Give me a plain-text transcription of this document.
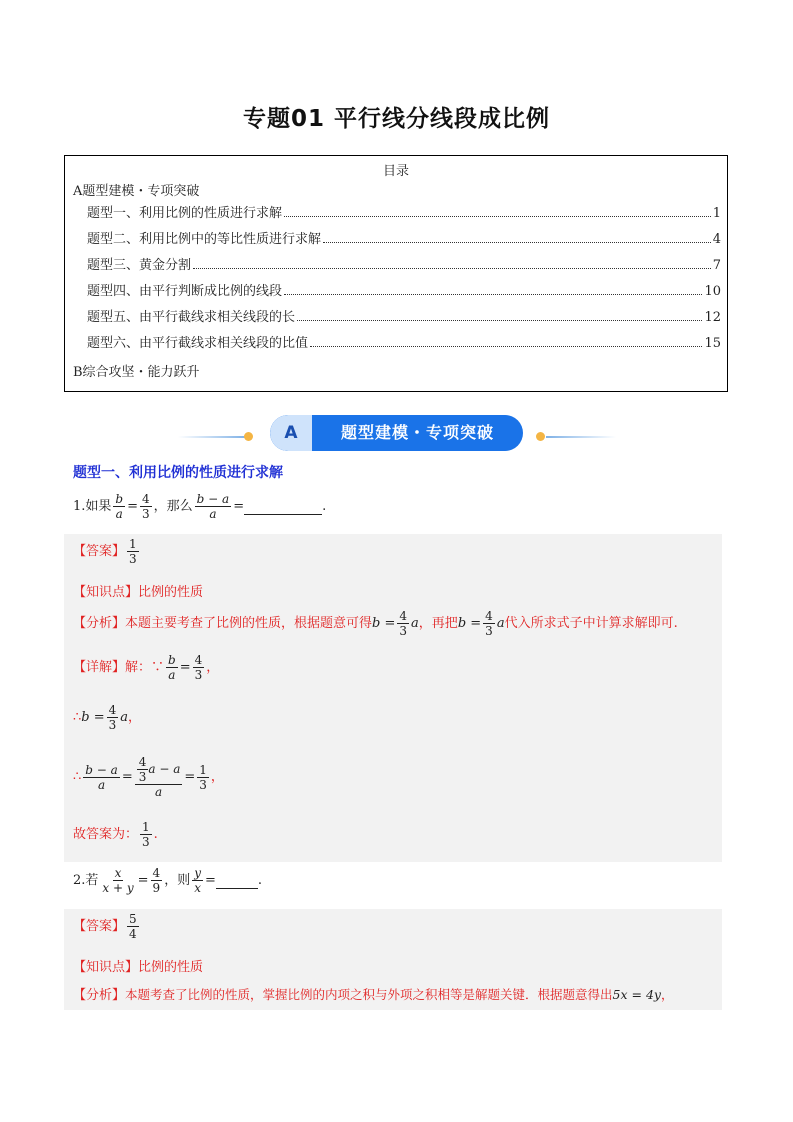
专题01 平行线分线段成比例
目录
A题型建模・专项突破
题型一、利用比例的性质进行求解	1
题型二、利用比例中的等比性质进行求解	4
题型三、黄金分割	7
题型四、由平行判断成比例的线段	10
题型五、由平行截线求相关线段的长	12
题型六、由平行截线求相关线段的比值	15
B综合攻坚・能力跃升
A	题型建模・专项突破
题型一、利用比例的性质进行求解
1.如果 $\frac{b}{a} = \frac{4}{3}$ ，那么 $\frac{b - a}{a}$ =	.
【答案】 $\frac{1}{3}$
【知识点】比例的性质
【分析】本题主要考查了比例的性质，根据题意可得$b = \frac{4}{3}$ a，再把$b = \frac{4}{3}$ a代入所求式子中计算求解即可.
【详解】解：∵ $\frac{b}{a} = \frac{4}{3}$ ，
∴b = $\frac{4}{3}$ a，
∴ $\frac{b - a}{a} = \frac{\frac{4}{3} a - a}{a} = \frac{1}{3}$ ，
故答案为： $\frac{1}{3}$ .
2.若 $\frac{x}{x + y} = \frac{4}{9}$ ，则 $\frac{y}{x}$ =	.
【答案】 $\frac{5}{4}$
【知识点】比例的性质
【分析】本题考查了比例的性质，掌握比例的内项之积与外项之积相等是解题关键．根据题意得出5x = 4y，
